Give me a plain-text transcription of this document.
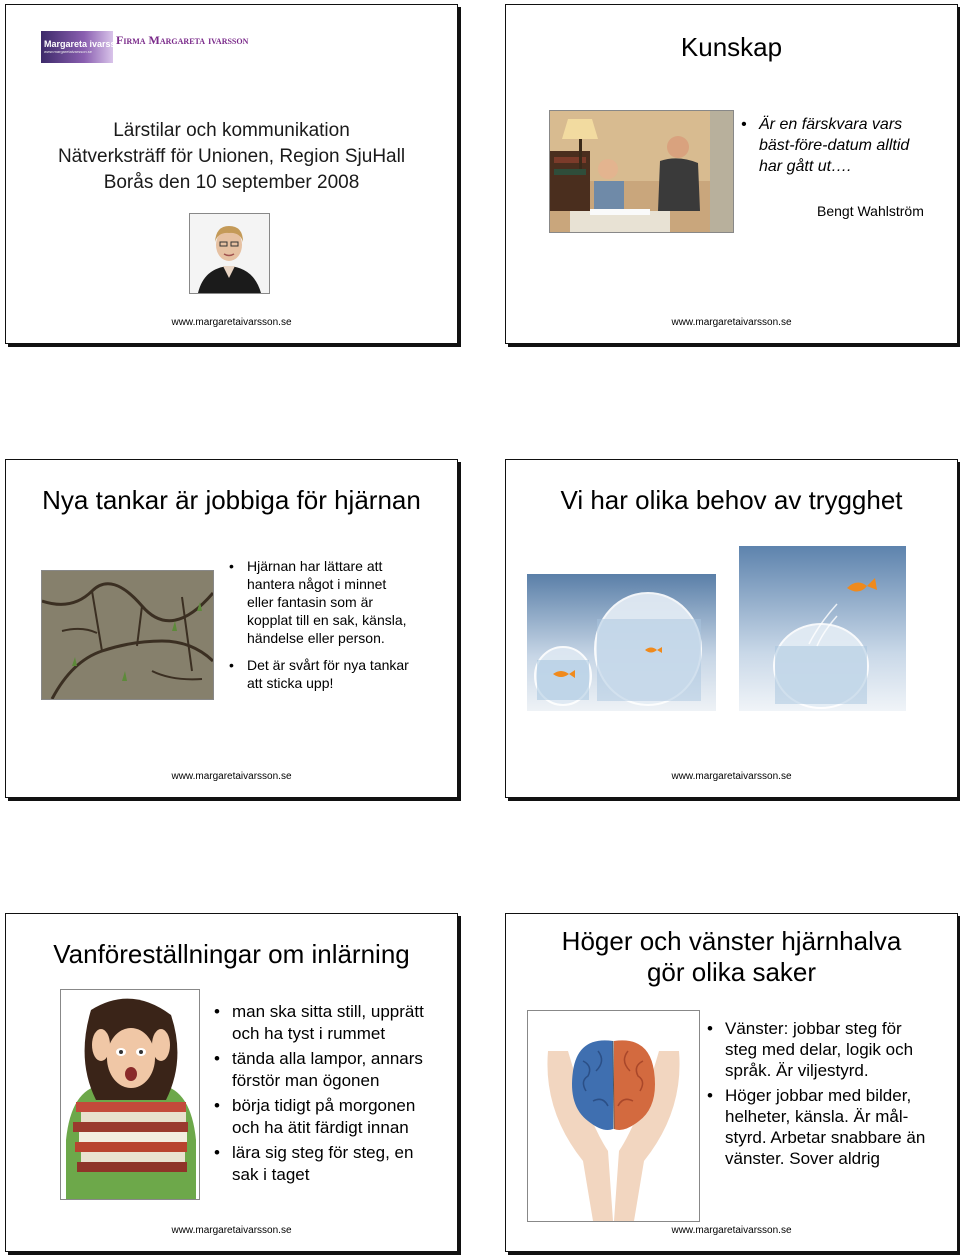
Margareta ivarsson
www.margaretaivarsson.se
Firma Margareta ivarsson
Lärstilar och kommunikation
Nätverksträff för Unionen, Region SjuHall
Borås den 10 september 2008
www.margaretaivarsson.se
Kunskap
• Är en färskvara vars
bäst-före-datum alltid
har gått ut….
Bengt Wahlström
www.margaretaivarsson.se
Nya tankar är jobbiga för hjärnan
• Hjärnan har lättare att
hantera något i minnet
eller fantasin som är
kopplat till en sak, känsla,
händelse eller person.
• Det är svårt för nya tankar
att sticka upp!
www.margaretaivarsson.se
Vi har olika behov av trygghet
www.margaretaivarsson.se
Vanföreställningar om inlärning
• man ska sitta still, upprätt
och ha tyst i rummet
• tända alla lampor, annars
förstör man ögonen
• börja tidigt på morgonen
och ha ätit färdigt innan
• lära sig steg för steg, en
sak i taget
www.margaretaivarsson.se
Höger och vänster hjärnhalva
gör olika saker
• Vänster: jobbar steg för
steg med delar, logik och
språk. Är viljestyrd.
• Höger jobbar med bilder,
helheter, känsla. Är mål-
styrd. Arbetar snabbare än
vänster. Sover aldrig
www.margaretaivarsson.se
